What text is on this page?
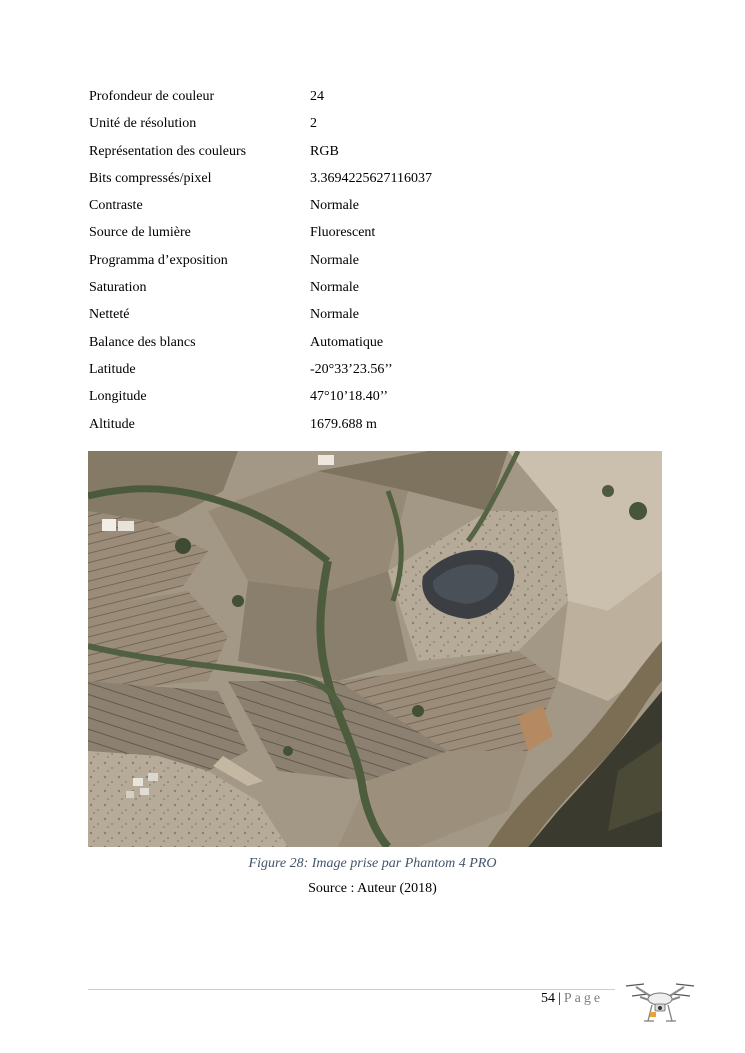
Profondeur de couleur	24
Unité de résolution	2
Représentation des couleurs	RGB
Bits compressés/pixel	3.3694225627116037
Contraste	Normale
Source de lumière	Fluorescent
Programma d’exposition	Normale
Saturation	Normale
Netteté	Normale
Balance des blancs	Automatique
Latitude	-20°33’23.56’’
Longitude	47°10’18.40’’
Altitude	1679.688 m
Figure 28: Image prise par Phantom 4 PRO
Source : Auteur (2018)
54 | Page
